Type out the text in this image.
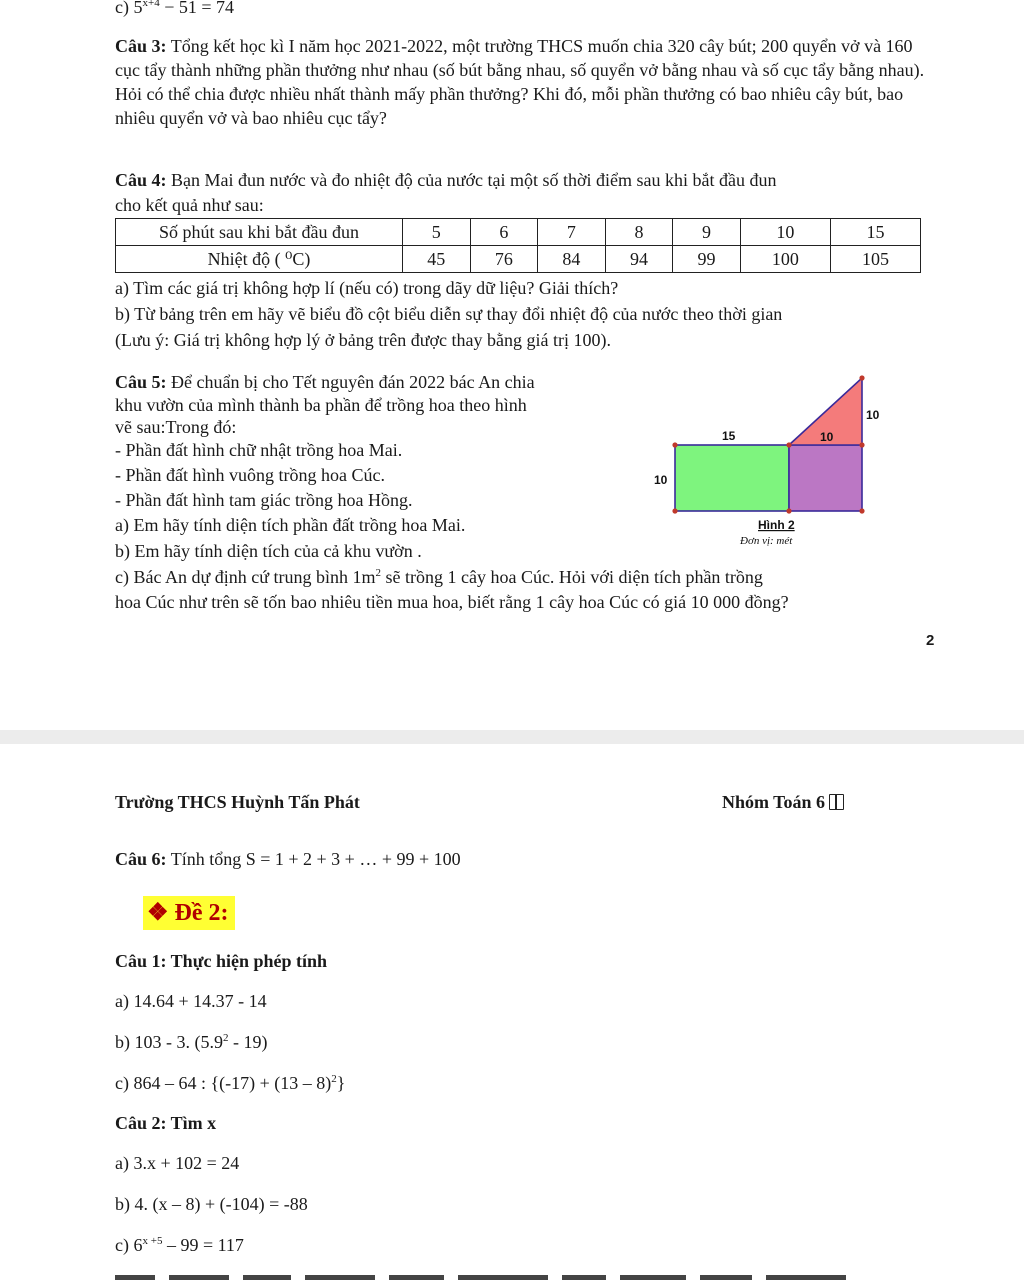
c) $5^{x+4} - 51 = 74$
Câu 3: Tổng kết học kì I năm học 2021-2022, một trường THCS muốn chia 320 cây bút; 200 quyển vở và 160 cục tẩy thành những phần thưởng như nhau (số bút bằng nhau, số quyển vở bằng nhau và số cục tẩy bằng nhau). Hỏi có thể chia được nhiều nhất thành mấy phần thưởng? Khi đó, mỗi phần thưởng có bao nhiêu cây bút, bao nhiêu quyển vở và bao nhiêu cục tẩy?
Câu 4: Bạn Mai đun nước và đo nhiệt độ của nước tại một số thời điểm sau khi bắt đầu đun
cho kết quả như sau:
Số phút sau khi bắt đầu đun	5	6	7	8	9	10	15
Nhiệt độ ( ⁰C)	45	76	84	94	99	100	105
a) Tìm các giá trị không hợp lí (nếu có) trong dãy dữ liệu? Giải thích?
b) Từ bảng trên em hãy vẽ biểu đồ cột biểu diễn sự thay đổi nhiệt độ của nước theo thời gian
(Lưu ý: Giá trị không hợp lý ở bảng trên được thay bằng giá trị 100).
Câu 5: Để chuẩn bị cho Tết nguyên đán 2022 bác An chia
khu vườn của mình thành ba phần để trồng hoa theo hình
vẽ sau:Trong đó:
- Phần đất hình chữ nhật trồng hoa Mai.
- Phần đất hình vuông trồng hoa Cúc.
- Phần đất hình tam giác trồng hoa Hồng.
a) Em hãy tính diện tích phần đất trồng hoa Mai.
b) Em hãy tính diện tích của cả khu vườn .
c) Bác An dự định cứ trung bình $1m^2$ sẽ trồng 1 cây hoa Cúc. Hỏi với diện tích phần trồng
hoa Cúc như trên sẽ tốn bao nhiêu tiền mua hoa, biết rằng 1 cây hoa Cúc có giá 10 000 đồng?
15
10
10
10
Hình 2
Đơn vị: mét
2
Trường THCS Huỳnh Tấn Phát	Nhóm Toán 6
Câu 6: Tính tổng S = 1 + 2 + 3 + … + 99 + 100
❖ Đề 2:
Câu 1: Thực hiện phép tính
a) 14.64 + 14.37 - 14
b) 103 - 3. $(5.9^2 - 19)$
c) 864 – 64 : {(-17) + (13 – 8)$^2$}
Câu 2: Tìm x
a) 3.x + 102 = 24
b) 4. (x – 8) + (-104) = -88
c) $6^{x +5} - 99 = 117$
